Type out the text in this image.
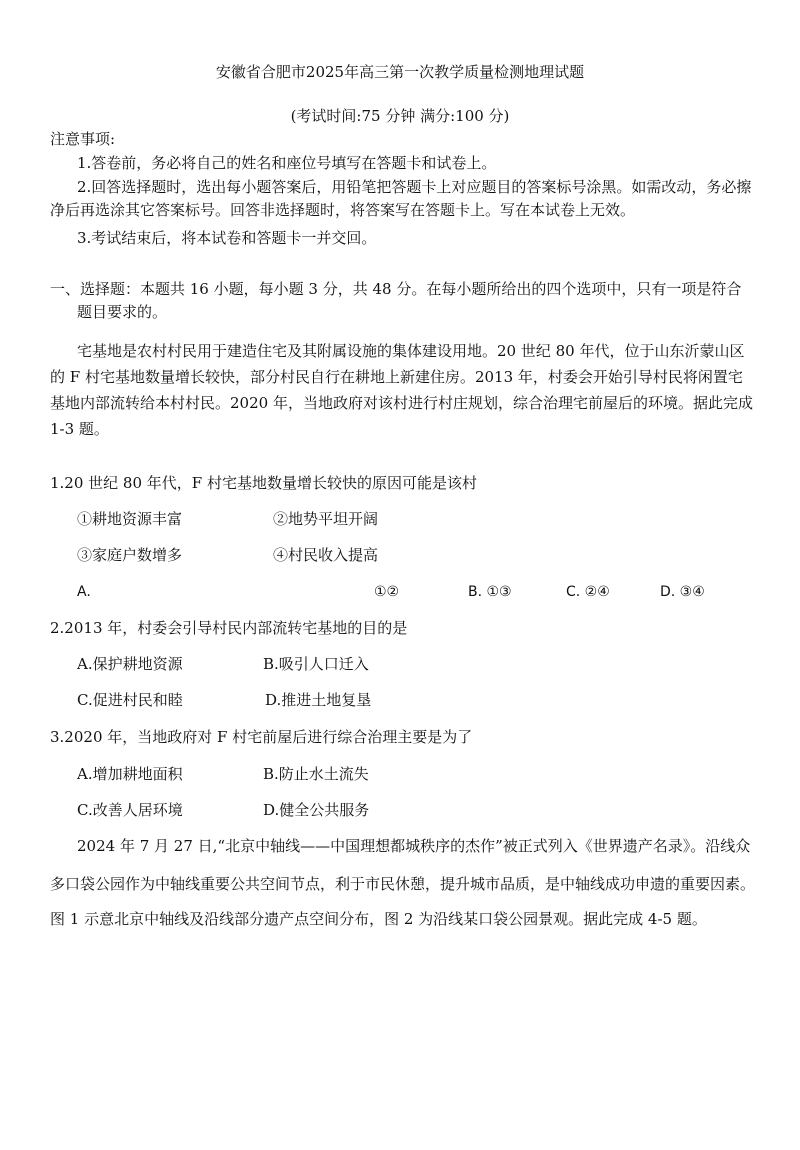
安徽省合肥市2025年高三第一次教学质量检测地理试题
(考试时间:75 分钟 满分:100 分)
注意事项:
1.答卷前，务必将自己的姓名和座位号填写在答题卡和试卷上。
2.回答选择题时，选出每小题答案后，用铅笔把答题卡上对应题目的答案标号涂黑。如需改动，务必擦净后再选涂其它答案标号。回答非选择题时，将答案写在答题卡上。写在本试卷上无效。
3.考试结束后，将本试卷和答题卡一并交回。
一、选择题：本题共 16 小题，每小题 3 分，共 48 分。在每小题所给出的四个选项中，只有一项是符合题目要求的。
宅基地是农村村民用于建造住宅及其附属设施的集体建设用地。20 世纪 80 年代，位于山东沂蒙山区的 F 村宅基地数量增长较快，部分村民自行在耕地上新建住房。2013 年，村委会开始引导村民将闲置宅基地内部流转给本村村民。2020 年，当地政府对该村进行村庄规划，综合治理宅前屋后的环境。据此完成 1-3 题。
1.20 世纪 80 年代，F 村宅基地数量增长较快的原因可能是该村
①耕地资源丰富	②地势平坦开阔
③家庭户数增多	④村民收入提高
A.	①②	B. ①③	C. ②④	D. ③④
2.2013 年，村委会引导村民内部流转宅基地的目的是
A.保护耕地资源	B.吸引人口迁入
C.促进村民和睦	D.推进土地复垦
3.2020 年，当地政府对 F 村宅前屋后进行综合治理主要是为了
A.增加耕地面积	B.防止水土流失
C.改善人居环境	D.健全公共服务
2024 年 7 月 27 日,“北京中轴线——中国理想都城秩序的杰作”被正式列入《世界遗产名录》。沿线众
多口袋公园作为中轴线重要公共空间节点，利于市民休憩，提升城市品质，是中轴线成功申遗的重要因素。
图 1 示意北京中轴线及沿线部分遗产点空间分布，图 2 为沿线某口袋公园景观。据此完成 4-5 题。
